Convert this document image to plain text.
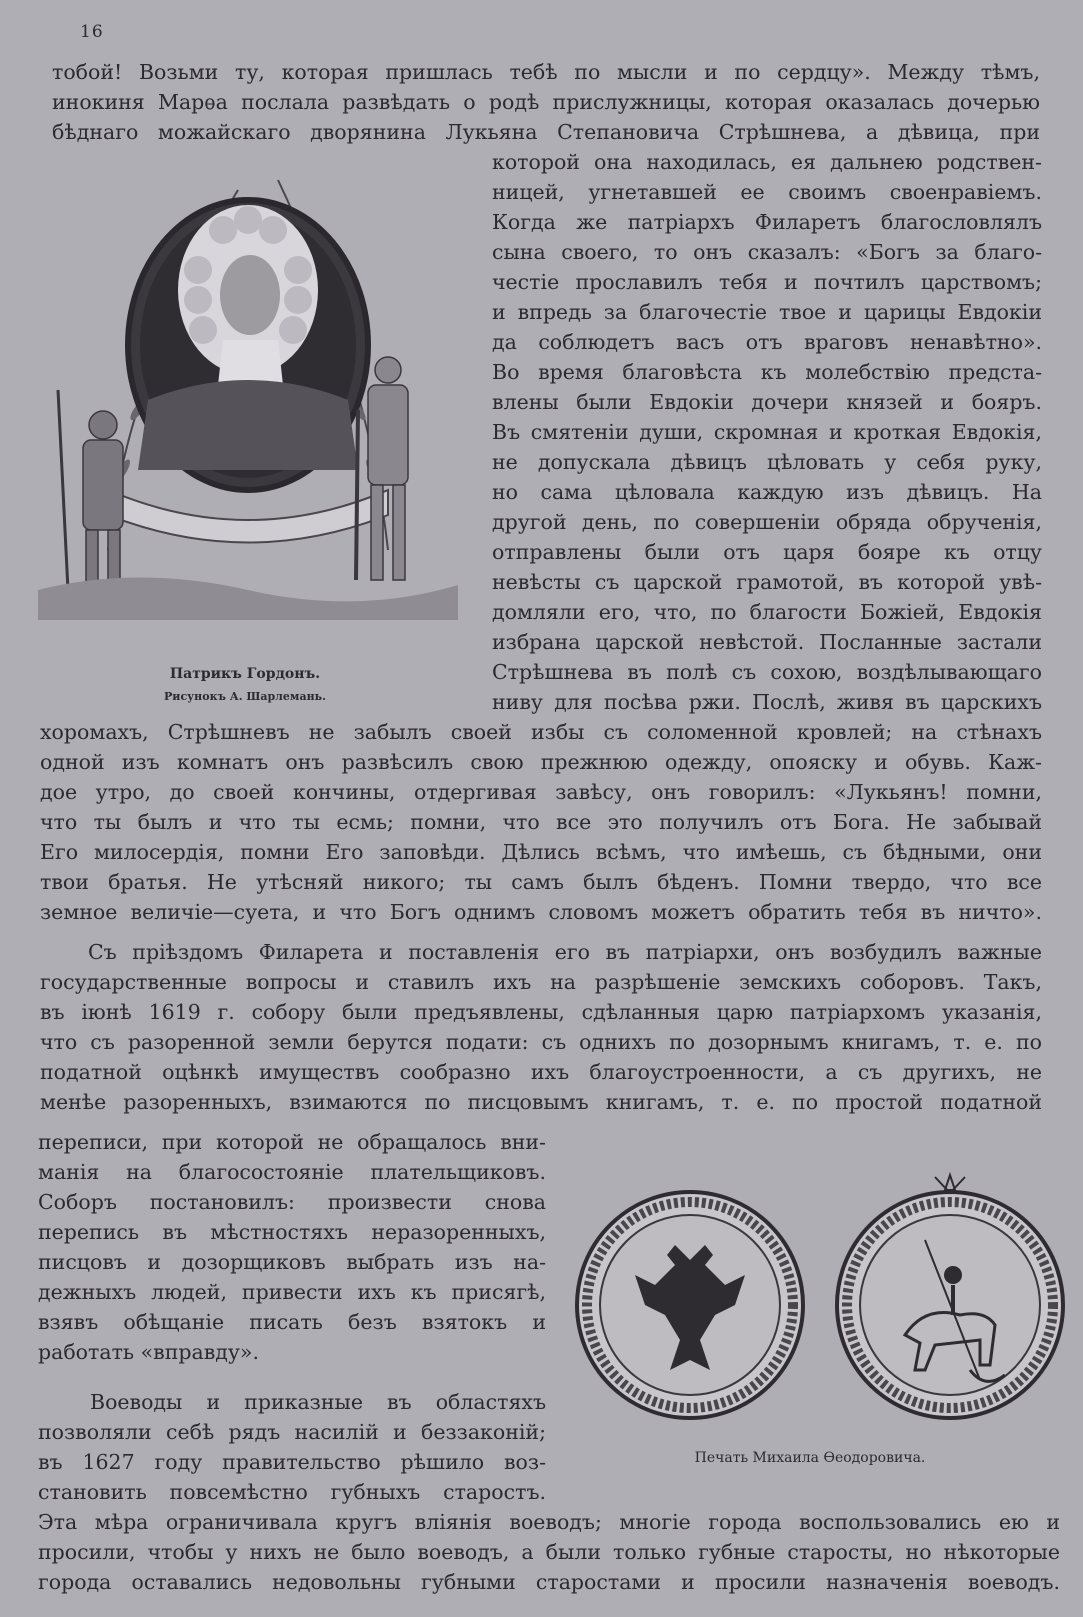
16
Патрикъ Гордонъ.
Рисунокъ А. Шарлемань.
Печать Михаила Ѳеодоровича.
тобой! Возьми ту, которая пришлась тебѣ по мысли и по сердцу». Между тѣмъ,
инокиня Марѳа послала развѣдать о родѣ прислужницы, которая оказалась дочерью
бѣднаго можайскаго дворянина Лукьяна Степановича Стрѣшнева, а дѣвица, при
которой она находилась, ея дальнею родствен-
ницей, угнетавшей ее своимъ своенравіемъ.
Когда же патріархъ Филаретъ благословлялъ
сына своего, то онъ сказалъ: «Богъ за благо-
честіе прославилъ тебя и почтилъ царствомъ;
и впредь за благочестіе твое и царицы Евдокіи
да соблюдетъ васъ отъ враговъ ненавѣтно».
Во время благовѣста къ молебствію предста-
влены были Евдокіи дочери князей и бояръ.
Въ смятеніи души, скромная и кроткая Евдокія,
не допускала дѣвицъ цѣловать у себя руку,
но сама цѣловала каждую изъ дѣвицъ. На
другой день, по совершеніи обряда обрученія,
отправлены были отъ царя бояре къ отцу
невѣсты съ царской грамотой, въ которой увѣ-
домляли его, что, по благости Божіей, Евдокія
избрана царской невѣстой. Посланные застали
Стрѣшнева въ полѣ съ сохою, воздѣлывающаго
ниву для посѣва ржи. Послѣ, живя въ царскихъ
хоромахъ, Стрѣшневъ не забылъ своей избы съ соломенной кровлей; на стѣнахъ
одной изъ комнатъ онъ развѣсилъ свою прежнюю одежду, опояску и обувь. Каж-
дое утро, до своей кончины, отдергивая завѣсу, онъ говорилъ: «Лукьянъ! помни,
что ты былъ и что ты есмь; помни, что все это получилъ отъ Бога. Не забывай
Его милосердія, помни Его заповѣди. Дѣлись всѣмъ, что имѣешь, съ бѣдными, они
твои братья. Не утѣсняй никого; ты самъ былъ бѣденъ. Помни твердо, что все
земное величіе—суета, и что Богъ однимъ словомъ можетъ обратить тебя въ ничто».
Съ пріѣздомъ Филарета и поставленія его въ патріархи, онъ возбудилъ важные
государственные вопросы и ставилъ ихъ на разрѣшеніе земскихъ соборовъ. Такъ,
въ іюнѣ 1619 г. собору были предъявлены, сдѣланныя царю патріархомъ указанія,
что съ разоренной земли берутся подати: съ однихъ по дозорнымъ книгамъ, т. е. по
податной оцѣнкѣ имуществъ сообразно ихъ благоустроенности, а съ другихъ, не
менѣе разоренныхъ, взимаются по писцовымъ книгамъ, т. е. по простой податной
переписи, при которой не обращалось вни-
манія на благосостояніе плательщиковъ.
Соборъ постановилъ: произвести снова
перепись въ мѣстностяхъ неразоренныхъ,
писцовъ и дозорщиковъ выбрать изъ на-
дежныхъ людей, привести ихъ къ присягѣ,
взявъ обѣщаніе писать безъ взятокъ и
работать «вправду».
Воеводы и приказные въ областяхъ
позволяли себѣ рядъ насилій и беззаконій;
въ 1627 году правительство рѣшило воз-
становить повсемѣстно губныхъ старостъ.
Эта мѣра ограничивала кругъ вліянія воеводъ; многіе города воспользовались ею и
просили, чтобы у нихъ не было воеводъ, а были только губные старосты, но нѣкоторые
города оставались недовольны губными старостами и просили назначенія воеводъ.
